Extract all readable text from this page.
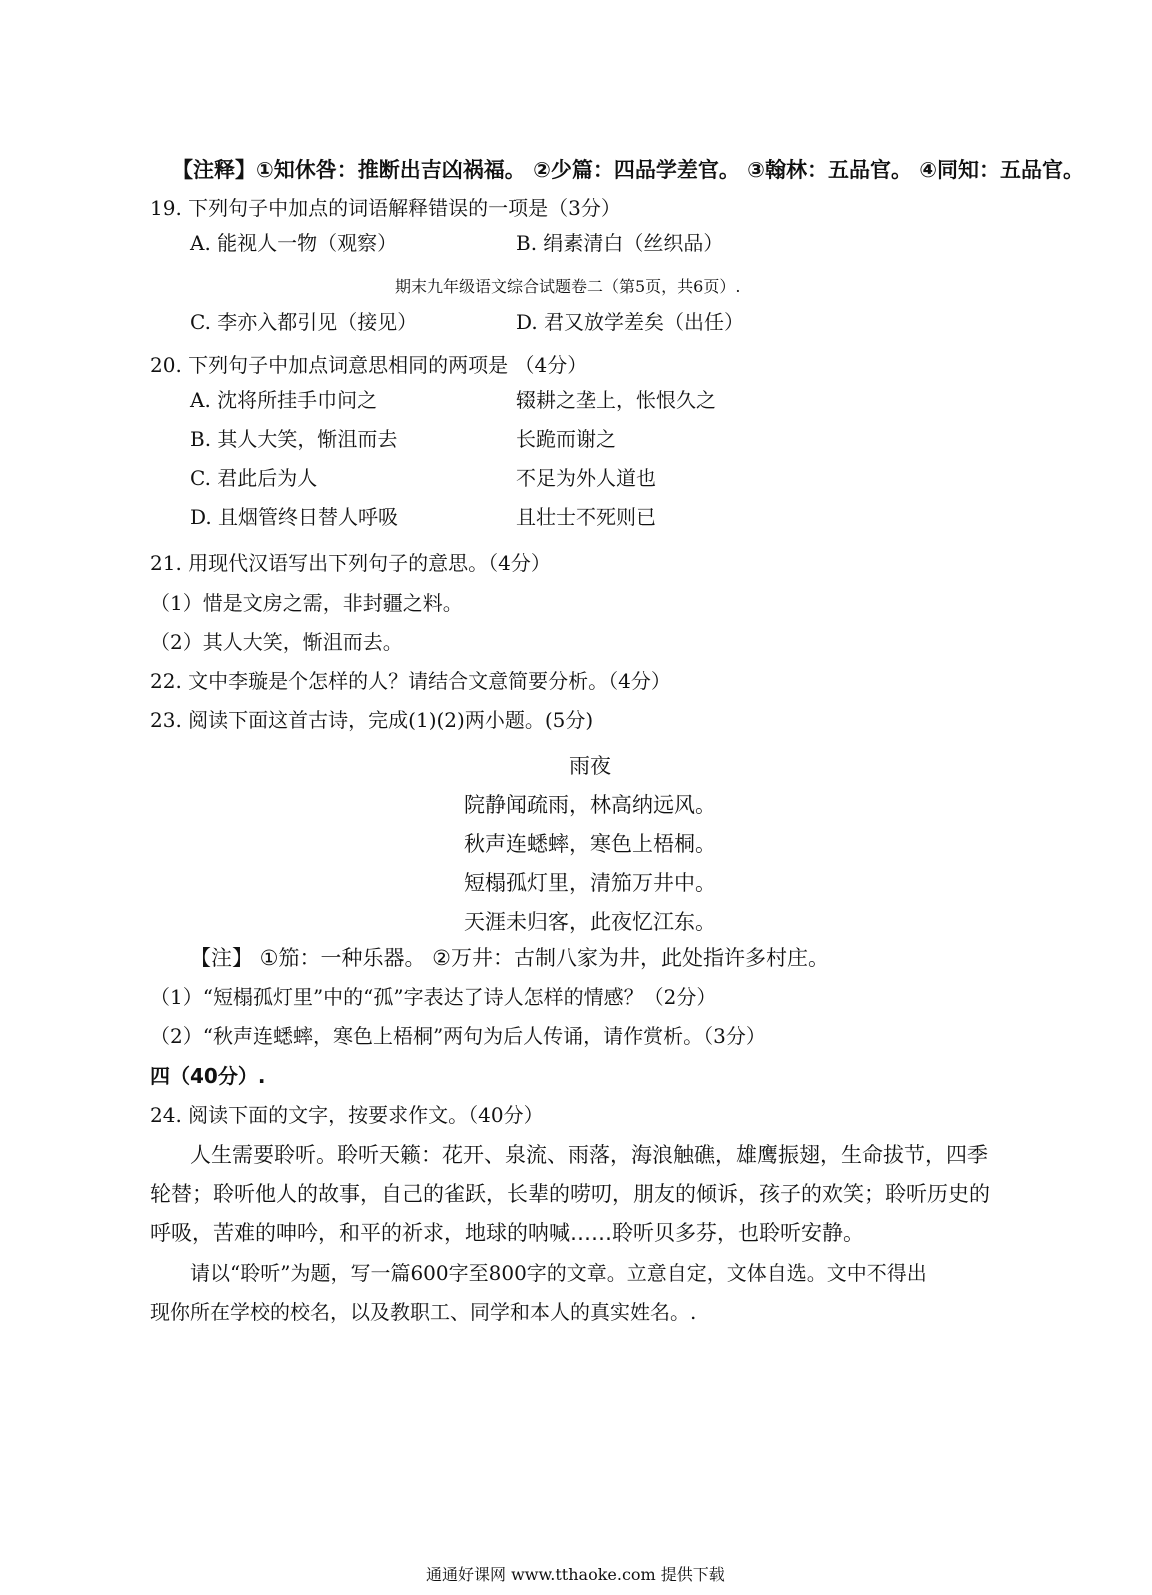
【注释】①知休咎：推断出吉凶祸福。 ②少篇：四品学差官。 ③翰林：五品官。 ④同知：五品官。
19. 下列句子中加点的词语解释错误的一项是（3分）
A. 能视人一物（观察）	B. 绢素清白（丝织品）
期末九年级语文综合试题卷二（第5页，共6页）.
C. 李亦入都引见（接见）	D. 君又放学差矣（出任）
20. 下列句子中加点词意思相同的两项是 （4分）
A. 沈将所挂手巾问之	辍耕之垄上，怅恨久之
B. 其人大笑，惭沮而去	长跪而谢之
C. 君此后为人	不足为外人道也
D. 且烟管终日替人呼吸	且壮士不死则已
21. 用现代汉语写出下列句子的意思。（4分）
（1）惜是文房之需，非封疆之料。
（2）其人大笑，惭沮而去。
22. 文中李璇是个怎样的人？请结合文意简要分析。（4分）
23. 阅读下面这首古诗，完成(1)(2)两小题。(5分)
雨夜
院静闻疏雨，林高纳远风。
秋声连蟋蟀，寒色上梧桐。
短榻孤灯里，清笳万井中。
天涯未归客，此夜忆江东。
【注】 ①笳：一种乐器。 ②万井：古制八家为井，此处指许多村庄。
（1）“短榻孤灯里”中的“孤”字表达了诗人怎样的情感？（2分）
（2）“秋声连蟋蟀，寒色上梧桐”两句为后人传诵，请作赏析。（3分）
四（40分）.
24. 阅读下面的文字，按要求作文。（40分）
人生需要聆听。聆听天籁：花开、泉流、雨落，海浪触礁，雄鹰振翅，生命拔节，四季
轮替；聆听他人的故事，自己的雀跃，长辈的唠叨，朋友的倾诉，孩子的欢笑；聆听历史的
呼吸，苦难的呻吟，和平的祈求，地球的呐喊……聆听贝多芬，也聆听安静。
请以“聆听”为题，写一篇600字至800字的文章。立意自定，文体自选。文中不得出
现你所在学校的校名，以及教职工、同学和本人的真实姓名。.
通通好课网 www.tthaoke.com 提供下载
